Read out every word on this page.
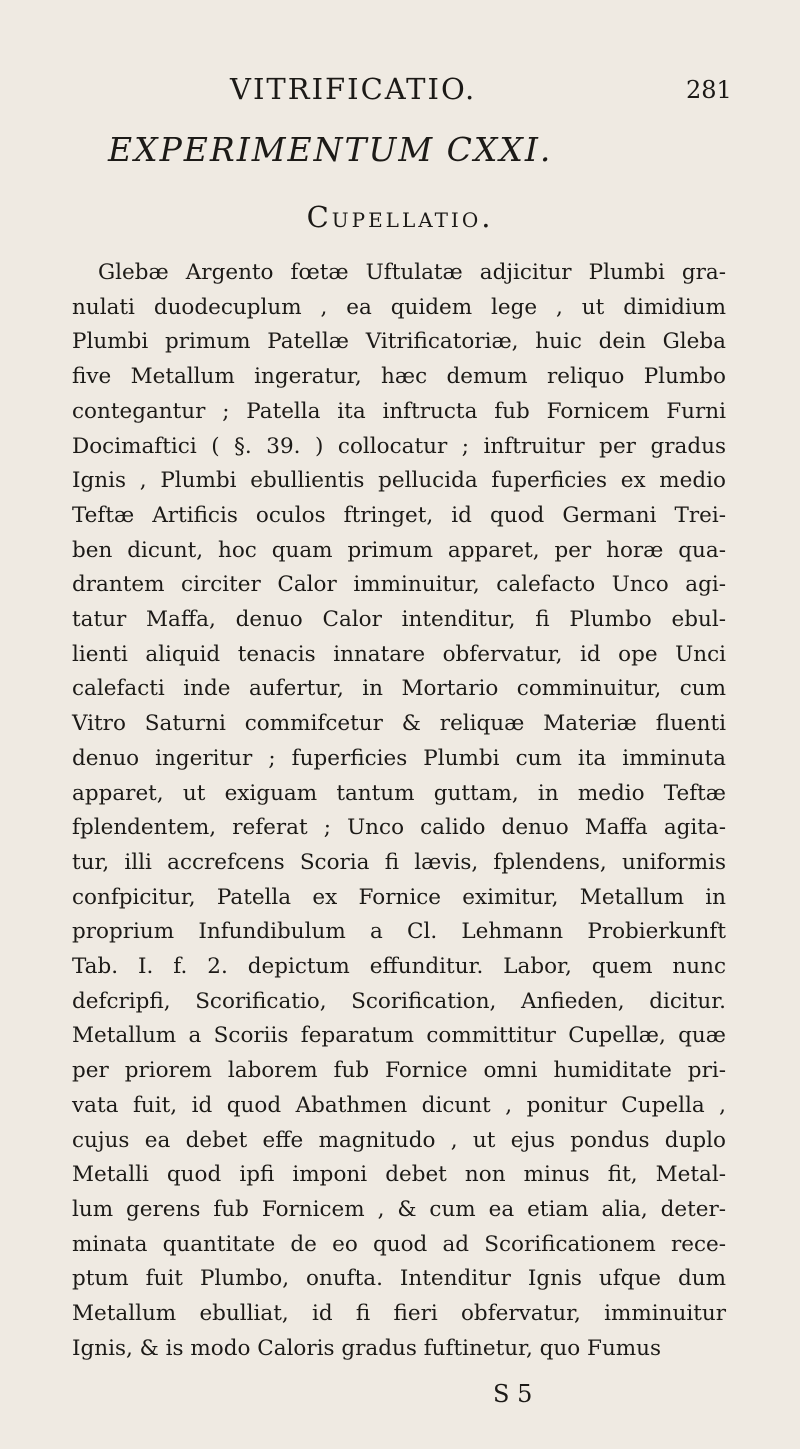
VITRIFICATIO.	281
EXPERIMENTUM CXXI.
Cupellatio.
Glebæ Argento fœtæ Uftulatæ adjicitur Plumbi gra-
nulati duodecuplum , ea quidem lege , ut dimidium
Plumbi primum Patellæ Vitrificatoriæ, huic dein Gleba
five Metallum ingeratur, hæc demum reliquo Plumbo
contegantur ; Patella ita inftructa fub Fornicem Furni
Docimaftici ( §. 39. ) collocatur ; inftruitur per gradus
Ignis , Plumbi ebullientis pellucida fuperficies ex medio
Teftæ Artificis oculos ftringet, id quod Germani Trei-
ben dicunt, hoc quam primum apparet, per horæ qua-
drantem circiter Calor imminuitur, calefacto Unco agi-
tatur Maffa, denuo Calor intenditur, fi Plumbo ebul-
lienti aliquid tenacis innatare obfervatur, id ope Unci
calefacti inde aufertur, in Mortario comminuitur, cum
Vitro Saturni commifcetur & reliquæ Materiæ fluenti
denuo ingeritur ; fuperficies Plumbi cum ita imminuta
apparet, ut exiguam tantum guttam, in medio Teftæ
fplendentem, referat ; Unco calido denuo Maffa agita-
tur, illi accrefcens Scoria fi lævis, fplendens, uniformis
confpicitur, Patella ex Fornice eximitur, Metallum in
proprium Infundibulum a Cl. Lehmann Probierkunft
Tab. I. f. 2. depictum effunditur. Labor, quem nunc
defcripfi, Scorificatio, Scorification, Anfieden, dicitur.
Metallum a Scoriis feparatum committitur Cupellæ, quæ
per priorem laborem fub Fornice omni humiditate pri-
vata fuit, id quod Abathmen dicunt , ponitur Cupella ,
cujus ea debet effe magnitudo , ut ejus pondus duplo
Metalli quod ipfi imponi debet non minus fit, Metal-
lum gerens fub Fornicem , & cum ea etiam alia, deter-
minata quantitate de eo quod ad Scorificationem rece-
ptum fuit Plumbo, onufta. Intenditur Ignis ufque dum
Metallum ebulliat, id fi fieri obfervatur, imminuitur
Ignis, & is modo Caloris gradus fuftinetur, quo Fumus
S 5
